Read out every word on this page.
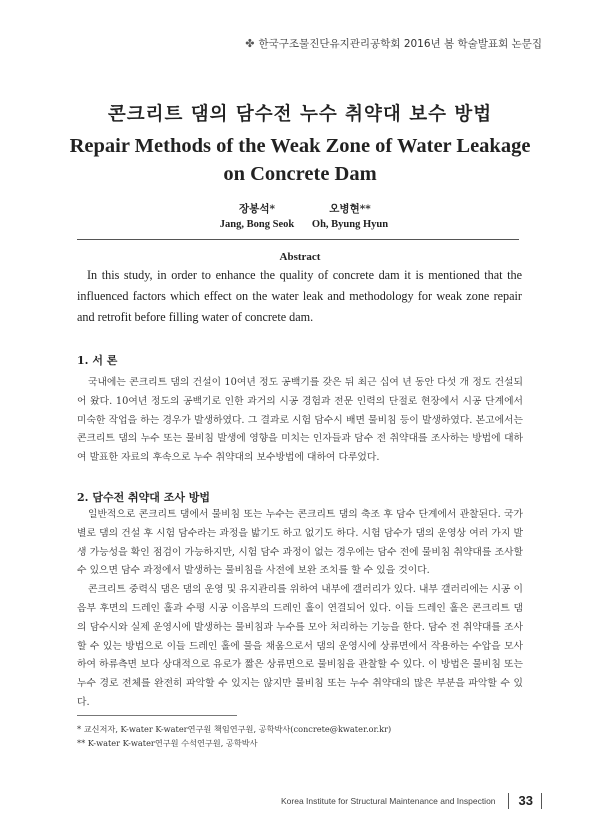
✤ 한국구조물진단유지관리공학회 2016년 봄 학술발표회 논문집
콘크리트 댐의 담수전 누수 취약대 보수 방법
Repair Methods of the Weak Zone of Water Leakage on Concrete Dam
장봉석*
Jang, Bong Seok
오병현**
Oh, Byung Hyun
Abstract
In this study, in order to enhance the quality of concrete dam it is mentioned that the influenced factors which effect on the water leak and methodology for weak zone repair and retrofit before filling water of concrete dam.
1. 서 론

국내에는 콘크리트 댐의 건설이 10여년 정도 공백기를 갖은 뒤 최근 십여 년 동안 다섯 개 정도 건설되어 왔다. 10여년 정도의 공백기로 인한 과거의 시공 경험과 전문 인력의 단절로 현장에서 시공 단계에서 미숙한 작업을 하는 경우가 발생하였다. 그 결과로 시험 담수시 배면 물비침 등이 발생하였다. 본고에서는 콘크리트 댐의 누수 또는 물비침 발생에 영향을 미치는 인자들과 담수 전 취약대를 조사하는 방법에 대하여 발표한 자료의 후속으로 누수 취약대의 보수방법에 대하여 다루었다.

2. 담수전 취약대 조사 방법

일반적으로 콘크리트 댐에서 물비침 또는 누수는 콘크리트 댐의 축조 후 담수 단계에서 관찰된다. 국가별로 댐의 건설 후 시험 담수라는 과정을 밟기도 하고 없기도 하다. 시험 담수가 댐의 운영상 여러 가지 발생 가능성을 확인 점검이 가능하지만, 시험 담수 과정이 없는 경우에는 담수 전에 물비침 취약대를 조사할 수 있으면 담수 과정에서 발생하는 물비침을 사전에 보완 조치를 할 수 있을 것이다.

콘크리트 중력식 댐은 댐의 운영 및 유지관리를 위하여 내부에 갤러리가 있다. 내부 갤러리에는 시공 이음부 후면의 드레인 홀과 수평 시공 이음부의 드레인 홀이 연결되어 있다. 이들 드레인 홀은 콘크리트 댐의 담수시와 실제 운영시에 발생하는 물비침과 누수를 모아 처리하는 기능을 한다. 담수 전 취약대를 조사할 수 있는 방법으로 이들 드레인 홀에 물을 채움으로서 댐의 운영시에 상류면에서 작용하는 수압을 모사하여 하류측면 보다 상대적으로 유로가 짧은 상류면으로 물비침을 관찰할 수 있다. 이 방법은 물비침 또는 누수 경로 전체를 완전히 파악할 수 있지는 않지만 물비침 또는 누수 취약대의 많은 부분을 파악할 수 있다.

* 교신저자, K-water K-water연구원 책임연구원, 공학박사(concrete@kwater.or.kr)
** K-water K-water연구원 수석연구원, 공학박사
Korea Institute for Structural Maintenance and Inspection	33
